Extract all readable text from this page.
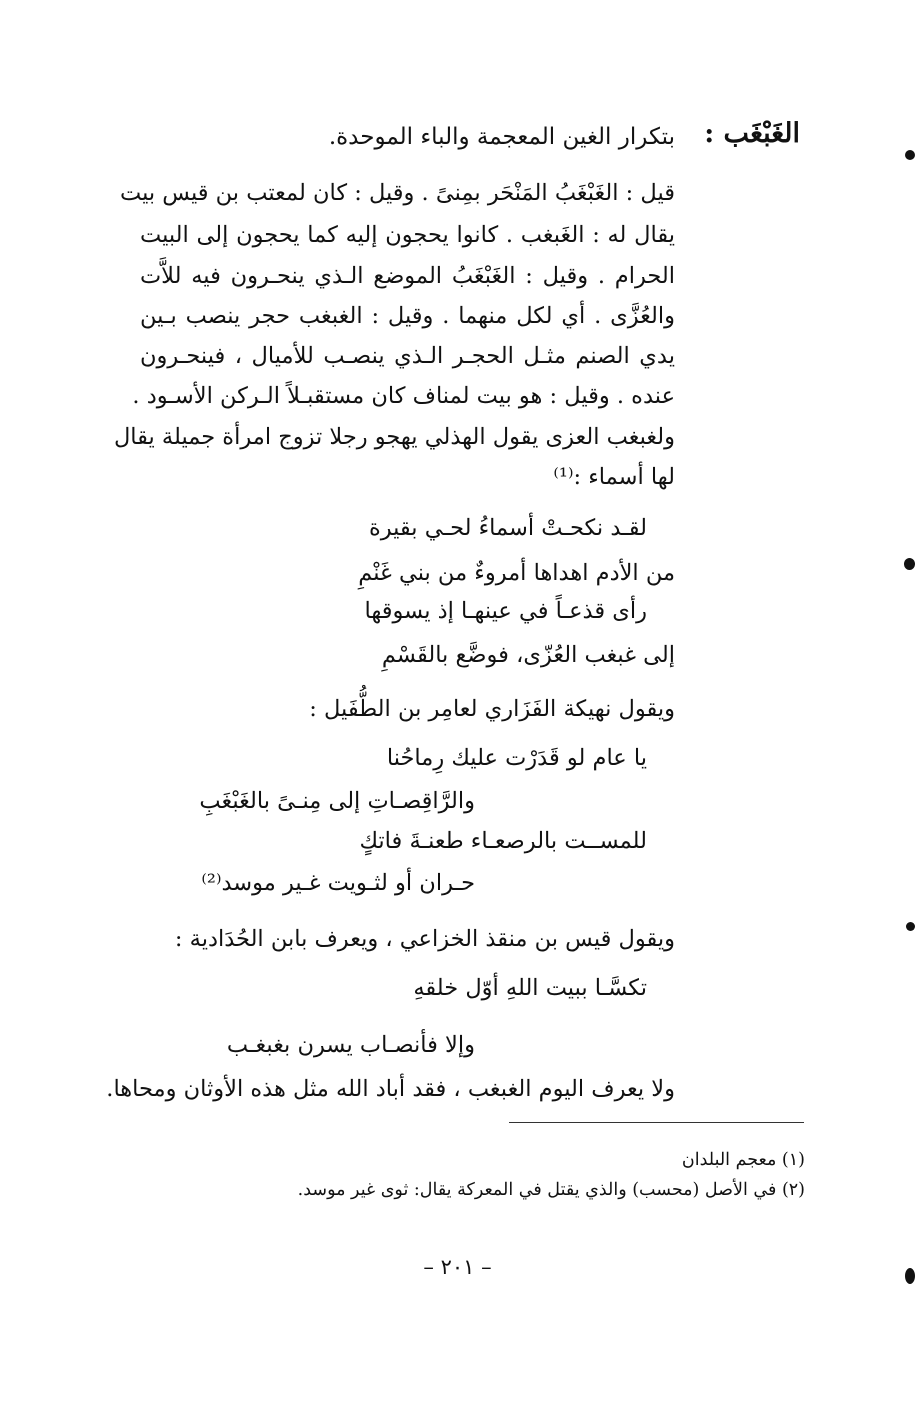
الغَبْغَب :
بتكرار الغين المعجمة والباء الموحدة.
قيل : الغَبْغَبُ المَنْحَر بمِنىً . وقيل : كان لمعتب بن قيس بيت
يقال له : الغَبغب . كانوا يحجون إليه كما يحجون إلى البيت
الحرام . وقيل : الغَبْغَبُ الموضع الـذي ينحـرون فيه للاَّت
والعُزَّى . أي لكل منهما . وقيل : الغبغب حجر ينصب بـين
يدي الصنم مثـل الحجـر الـذي ينصـب للأميال ، فينحـرون
عنده . وقيل : هو بيت لمناف كان مستقبـلاً الـركن الأسـود .
ولغبغب العزى يقول الهذلي يهجو رجلا تزوج امرأة جميلة يقال
لها أسماء :⁽¹⁾
لقـد نكحـتْ أسماءُ لحـي بقيرة
من الأدم اهداها أمروءٌ من بني غَنْمِ
رأى قذعـاً في عينهـا إذ يسوقها
إلى غبغب العُزّى، فوضَّع بالقَسْمِ
ويقول نهيكة الفَزَاري لعامِر بن الطُّفَيل :
يا عام لو قَدَرْت عليك رِماحُنا
والرَّاقِصـاتِ إلى مِنـىً بالغَبْغَبِ
للمســت بالرصعـاء طعنـةَ فاتكٍ
حـران أو لثـويت غـير موسد⁽²⁾
ويقول قيس بن منقذ الخزاعي ، ويعرف بابن الحُدَادية :
تكسَّـا ببيت اللهِ أوّل خلقهِ
وإلا فأنصـاب يسرن بغبغـب
ولا يعرف اليوم الغبغب ، فقد أباد الله مثل هذه الأوثان ومحاها.
(١) معجم البلدان
(٢) في الأصل (محسب) والذي يقتل في المعركة يقال: ثوى غير موسد.
– ٢٠١ –
